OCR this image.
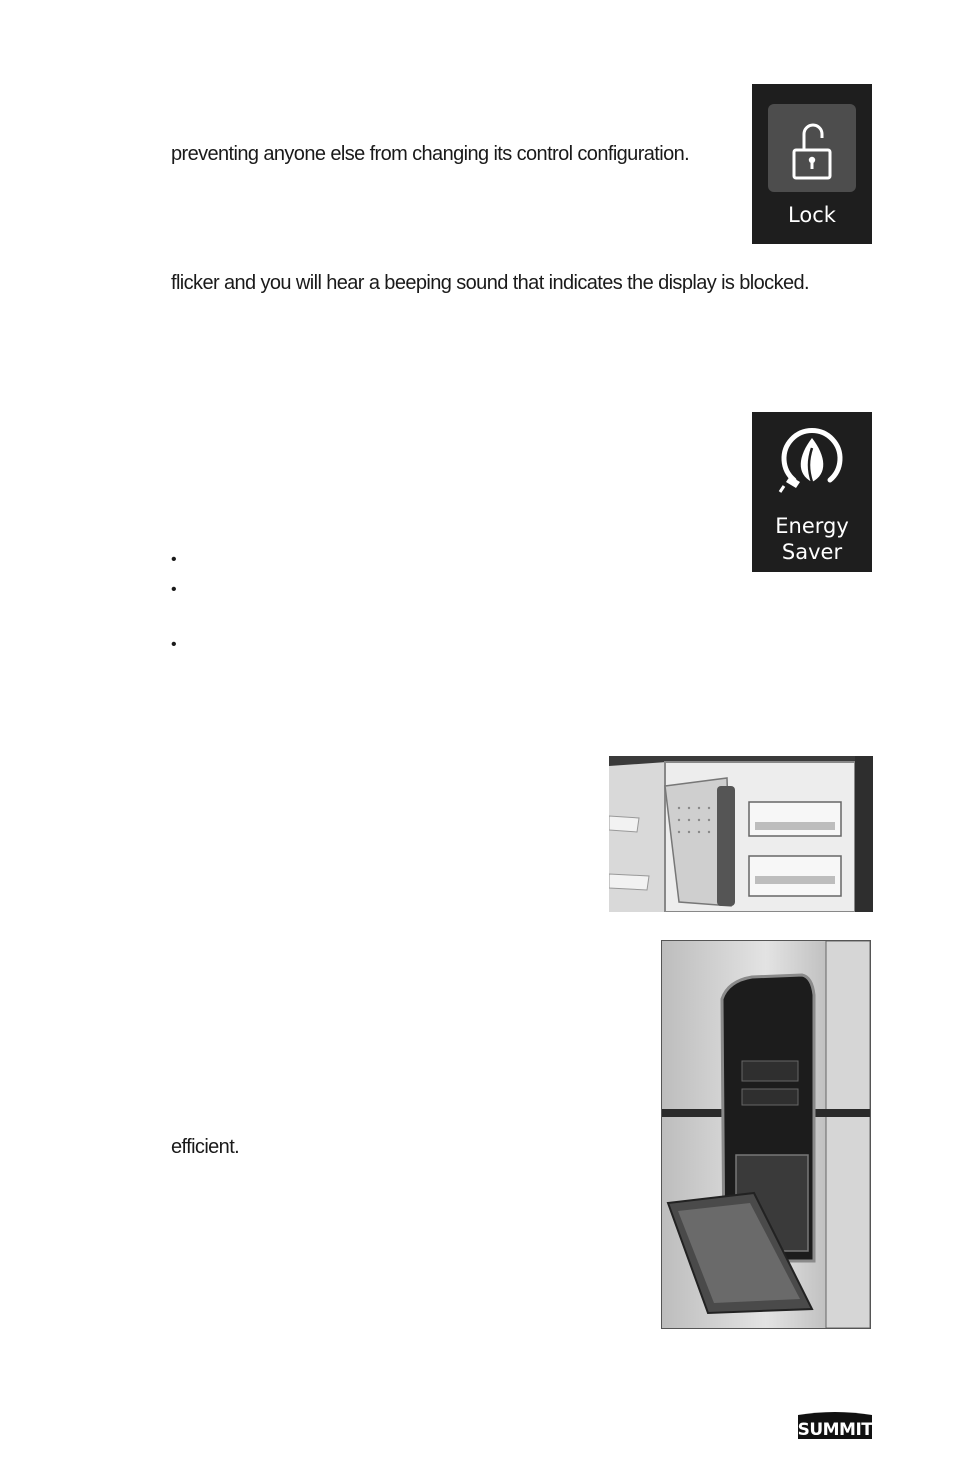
preventing anyone else from changing its control configuration.
flicker and you will hear a beeping sound that indicates the display is blocked.
efficient.
•
•
•
Lock
Energy
Saver
SUMMIT
